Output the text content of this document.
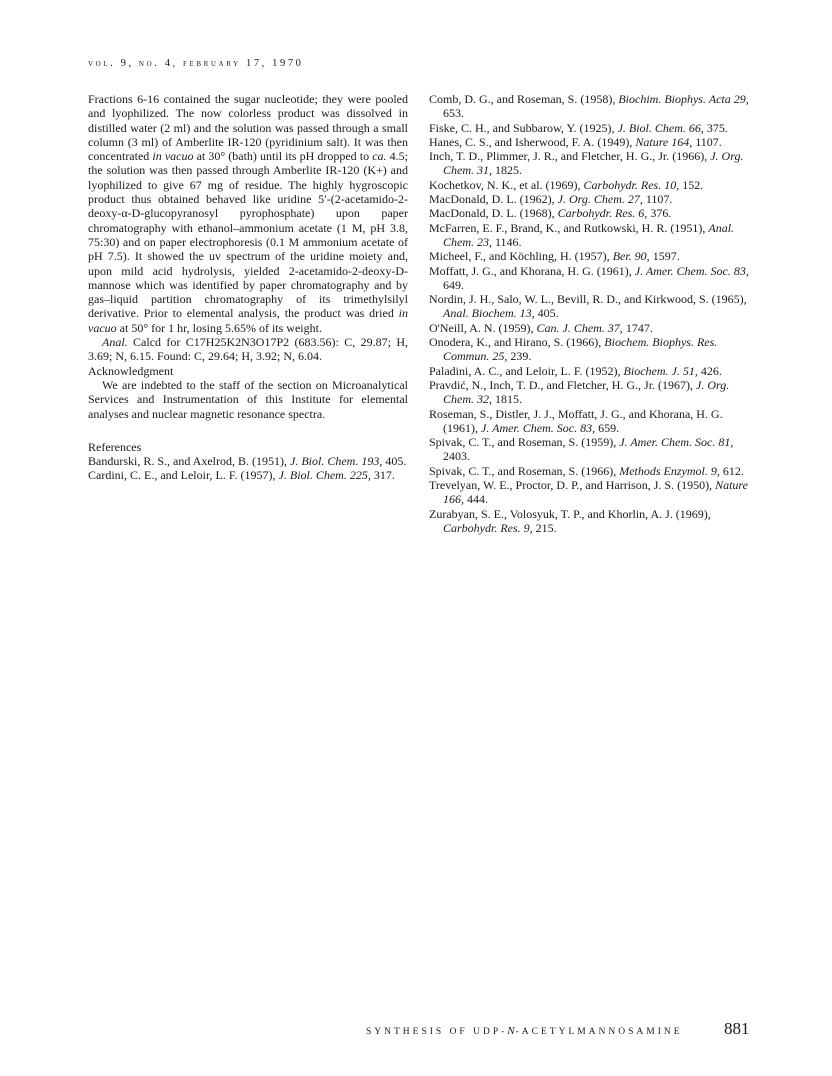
vol. 9, no. 4, february 17, 1970

Fractions 6-16 contained the sugar nucleotide; they were pooled and lyophilized. The now colorless product was dissolved in distilled water (2 ml) and the solution was passed through a small column (3 ml) of Amberlite IR-120 (pyridinium salt). It was then concentrated in vacuo at 30° (bath) until its pH dropped to ca. 4.5; the solution was then passed through Amberlite IR-120 (K+) and lyophilized to give 67 mg of residue. The highly hygroscopic product thus obtained behaved like uridine 5′-(2-acetamido-2-deoxy-α-D-glucopyranosyl pyrophosphate) upon paper chromatography with ethanol–ammonium acetate (1 M, pH 3.8, 75:30) and on paper electrophoresis (0.1 M ammonium acetate of pH 7.5). It showed the uv spectrum of the uridine moiety and, upon mild acid hydrolysis, yielded 2-acetamido-2-deoxy-D-mannose which was identified by paper chromatography and by gas–liquid partition chromatography of its trimethylsilyl derivative. Prior to elemental analysis, the product was dried in vacuo at 50° for 1 hr, losing 5.65% of its weight.

Anal. Calcd for C17H25K2N3O17P2 (683.56): C, 29.87; H, 3.69; N, 6.15. Found: C, 29.64; H, 3.92; N, 6.04.

Acknowledgment

We are indebted to the staff of the section on Microanalytical Services and Instrumentation of this Institute for elemental analyses and nuclear magnetic resonance spectra.

References

Bandurski, R. S., and Axelrod, B. (1951), J. Biol. Chem. 193, 405.

Cardini, C. E., and Leloir, L. F. (1957), J. Biol. Chem. 225, 317.

Comb, D. G., and Roseman, S. (1958), Biochim. Biophys. Acta 29, 653.

Fiske, C. H., and Subbarow, Y. (1925), J. Biol. Chem. 66, 375.

Hanes, C. S., and Isherwood, F. A. (1949), Nature 164, 1107.

Inch, T. D., Plimmer, J. R., and Fletcher, H. G., Jr. (1966), J. Org. Chem. 31, 1825.

Kochetkov, N. K., et al. (1969), Carbohydr. Res. 10, 152.

MacDonald, D. L. (1962), J. Org. Chem. 27, 1107.

MacDonald, D. L. (1968), Carbohydr. Res. 6, 376.

McFarren, E. F., Brand, K., and Rutkowski, H. R. (1951), Anal. Chem. 23, 1146.

Micheel, F., and Köchling, H. (1957), Ber. 90, 1597.

Moffatt, J. G., and Khorana, H. G. (1961), J. Amer. Chem. Soc. 83, 649.

Nordin, J. H., Salo, W. L., Bevill, R. D., and Kirkwood, S. (1965), Anal. Biochem. 13, 405.

O'Neill, A. N. (1959), Can. J. Chem. 37, 1747.

Onodera, K., and Hirano, S. (1966), Biochem. Biophys. Res. Commun. 25, 239.

Paladini, A. C., and Leloir, L. F. (1952), Biochem. J. 51, 426.

Pravdić, N., Inch, T. D., and Fletcher, H. G., Jr. (1967), J. Org. Chem. 32, 1815.

Roseman, S., Distler, J. J., Moffatt, J. G., and Khorana, H. G. (1961), J. Amer. Chem. Soc. 83, 659.

Spivak, C. T., and Roseman, S. (1959), J. Amer. Chem. Soc. 81, 2403.

Spivak, C. T., and Roseman, S. (1966), Methods Enzymol. 9, 612.

Trevelyan, W. E., Proctor, D. P., and Harrison, J. S. (1950), Nature 166, 444.

Zurabyan, S. E., Volosyuk, T. P., and Khorlin, A. J. (1969), Carbohydr. Res. 9, 215.

SYNTHESIS OF UDP-N-ACETYLMANNOSAMINE 881
